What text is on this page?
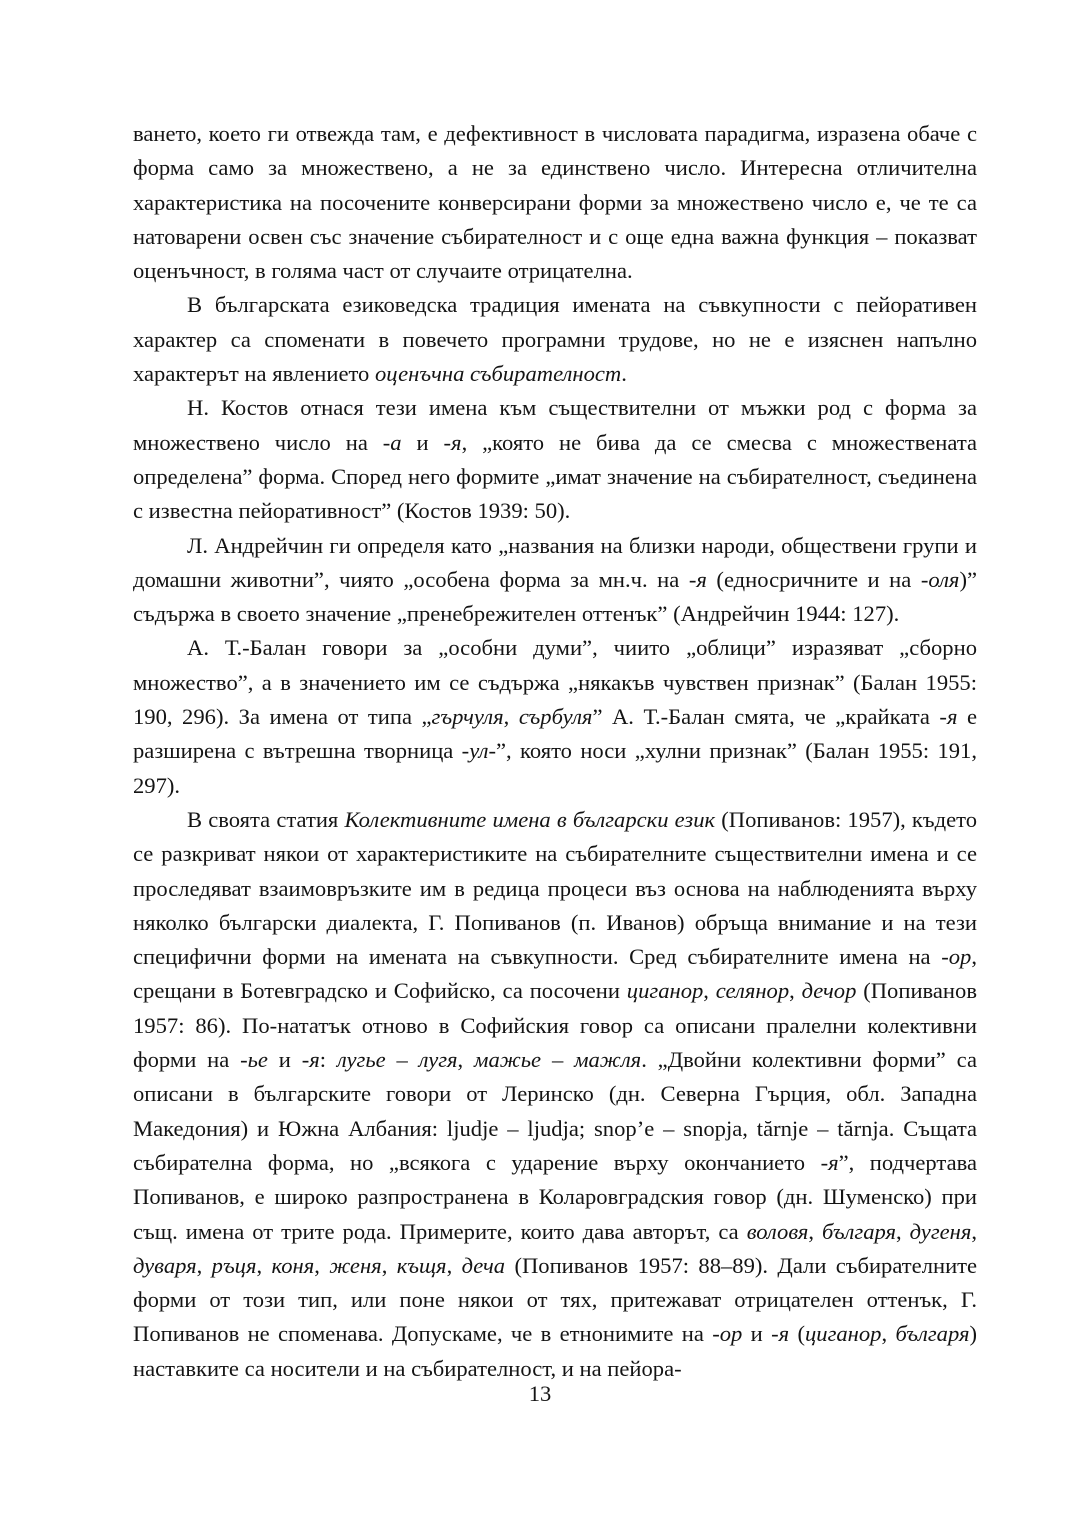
ването, което ги отвежда там, е дефективност в числовата парадигма, изразена обаче с форма само за множествено, а не за единствено число. Интересна отличителна характеристика на посочените конверсирани форми за множествено число е, че те са натоварени освен със значение събирателност и с още една важна функция – показват оценъчност, в голяма част от случаите отрицателна.

В българската езиковедска традиция имената на съвкупности с пейоративен характер са споменати в повечето програмни трудове, но не е изяснен напълно характерът на явлението оценъчна събирателност.

Н. Костов отнася тези имена към съществителни от мъжки род с форма за множествено число на -а и -я, „която не бива да се смесва с множествената определена” форма. Според него формите „имат значение на събирателност, съединена с известна пейоративност” (Костов 1939: 50).

Л. Андрейчин ги определя като „названия на близки народи, обществени групи и домашни животни”, чиято „особена форма за мн.ч. на -я (едносричните и на -оля)” съдържа в своето значение „пренебрежителен оттенък” (Андрейчин 1944: 127).

А. Т.-Балан говори за „особни думи”, чиито „облици” изразяват „сборно множество”, а в значението им се съдържа „някакъв чувствен признак” (Балан 1955: 190, 296). За имена от типа „гърчуля, сърбуля” А. Т.-Балан смята, че „крайката -я е разширена с вътрешна творница -ул-”, която носи „хулни признак” (Балан 1955: 191, 297).

В своята статия Колективните имена в български език (Попиванов: 1957), където се разкриват някои от характеристиките на събирателните съществителни имена и се проследяват взаимовръзките им в редица процеси въз основа на наблюденията върху няколко български диалекта, Г. Попиванов (п. Иванов) обръща внимание и на тези специфични форми на имената на съвкупности. Сред събирателните имена на -ор, срещани в Ботевградско и Софийско, са посочени циганор, селянор, дечор (Попиванов 1957: 86). По-нататък отново в Софийския говор са описани пралелни колективни форми на -ье и -я: лугье – лугя, мажье – мажля. „Двойни колективни форми” са описани в българските говори от Леринско (дн. Северна Гърция, обл. Западна Македония) и Южна Албания: ljudje – ljudja; snop’e – snopja, tărnje – tărnja. Същата събирателна форма, но „всякога с ударение върху окончанието -я”, подчертава Попиванов, е широко разпространена в Коларовградския говор (дн. Шуменско) при същ. имена от трите рода. Примерите, които дава авторът, са воловя, българя, дугеня, дуваря, ръця, коня, женя, къщя, деча (Попиванов 1957: 88–89). Дали събирателните форми от този тип, или поне някои от тях, притежават отрицателен оттенък, Г. Попиванов не споменава. Допускаме, че в етнонимите на -ор и -я (циганор, българя) наставките са носители и на събирателност, и на пейора-

13
